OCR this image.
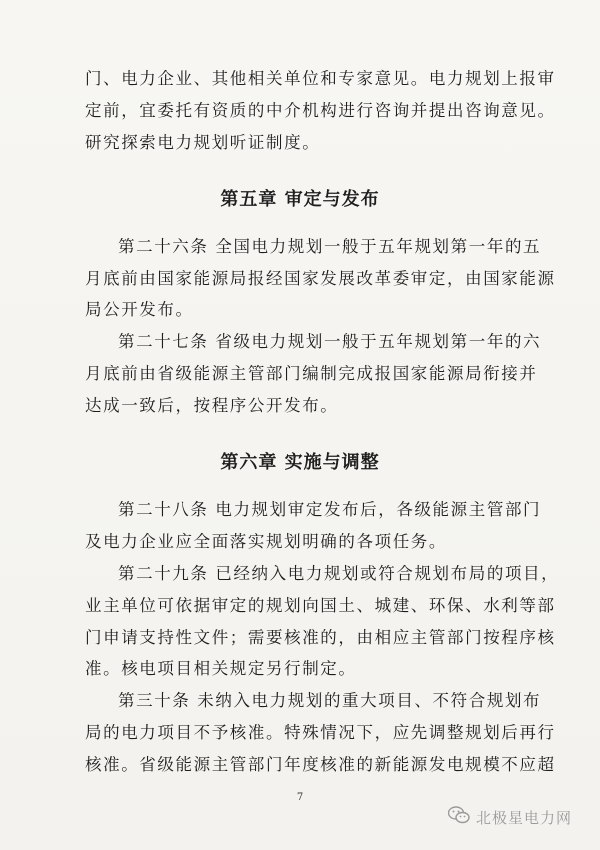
门、电力企业、其他相关单位和专家意见。电力规划上报审
定前，宜委托有资质的中介机构进行咨询并提出咨询意见。
研究探索电力规划听证制度。
第五章 审定与发布
第二十六条 全国电力规划一般于五年规划第一年的五
月底前由国家能源局报经国家发展改革委审定，由国家能源
局公开发布。
第二十七条 省级电力规划一般于五年规划第一年的六
月底前由省级能源主管部门编制完成报国家能源局衔接并
达成一致后，按程序公开发布。
第六章 实施与调整
第二十八条 电力规划审定发布后，各级能源主管部门
及电力企业应全面落实规划明确的各项任务。
第二十九条 已经纳入电力规划或符合规划布局的项目，
业主单位可依据审定的规划向国土、城建、环保、水利等部
门申请支持性文件；需要核准的，由相应主管部门按程序核
准。核电项目相关规定另行制定。
第三十条 未纳入电力规划的重大项目、不符合规划布
局的电力项目不予核准。特殊情况下，应先调整规划后再行
核准。省级能源主管部门年度核准的新能源发电规模不应超
7
北极星电力网
